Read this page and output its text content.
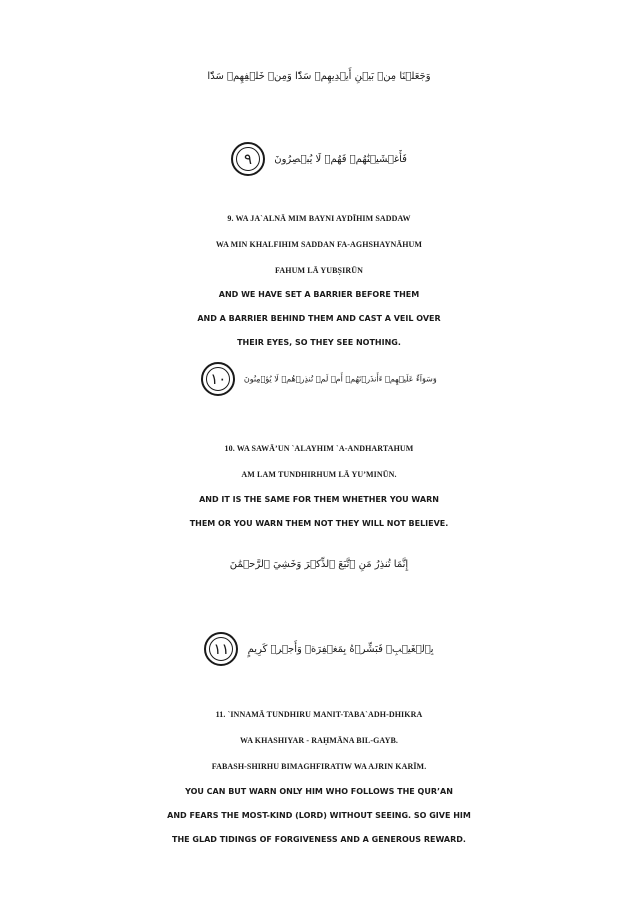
وَجَعَلۡنَا مِنۢ بَيۡنِ أَيۡدِيهِمۡ سَدّٗا وَمِنۡ خَلۡفِهِمۡ سَدّٗا
فَأَغۡشَيۡنَٰهُمۡ فَهُمۡ لَا يُبۡصِرُونَ ٩
9. WA JA`ALNĀ MIM BAYNI AYDĪHIM SADDAW
WA MIN KHALFIHIM SADDAN FA-AGHSHAYNĀHUM
FAHUM LĀ YUBṢIRŪN
AND WE HAVE SET A BARRIER BEFORE THEM
AND A BARRIER BEHIND THEM AND CAST A VEIL OVER
THEIR EYES, SO THEY SEE NOTHING.
وَسَوَآءٌ عَلَيۡهِمۡ ءَأَنذَرۡتَهُمۡ أَمۡ لَمۡ تُنذِرۡهُمۡ لَا يُؤۡمِنُونَ ١٠
10. WA SAWĀ’UN `ALAYHIM `A-ANDHARTAHUM
AM LAM TUNDHIRHUM LĀ YU’MINŪN.
AND IT IS THE SAME FOR THEM WHETHER YOU WARN
THEM OR YOU WARN THEM NOT THEY WILL NOT BELIEVE.
إِنَّمَا تُنذِرُ مَنِ ٱتَّبَعَ ٱلذِّكۡرَ وَخَشِيَ ٱلرَّحۡمَٰنَ
بِٱلۡغَيۡبِۖ فَبَشِّرۡهُ بِمَغۡفِرَةٖ وَأَجۡرٖ كَرِيمٍ ١١
11. `INNAMĀ TUNDHIRU MANIT-TABA`ADH-DHIKRA
WA KHASHIYAR - RAḤMĀNA BIL-GAYB.
FABASH-SHIRHU BIMAGHFIRATIW WA AJRIN KARĪM.
YOU CAN BUT WARN ONLY HIM WHO FOLLOWS THE QUR’AN
AND FEARS THE MOST-KIND (LORD) WITHOUT SEEING. SO GIVE HIM
THE GLAD TIDINGS OF FORGIVENESS AND A GENEROUS REWARD.
